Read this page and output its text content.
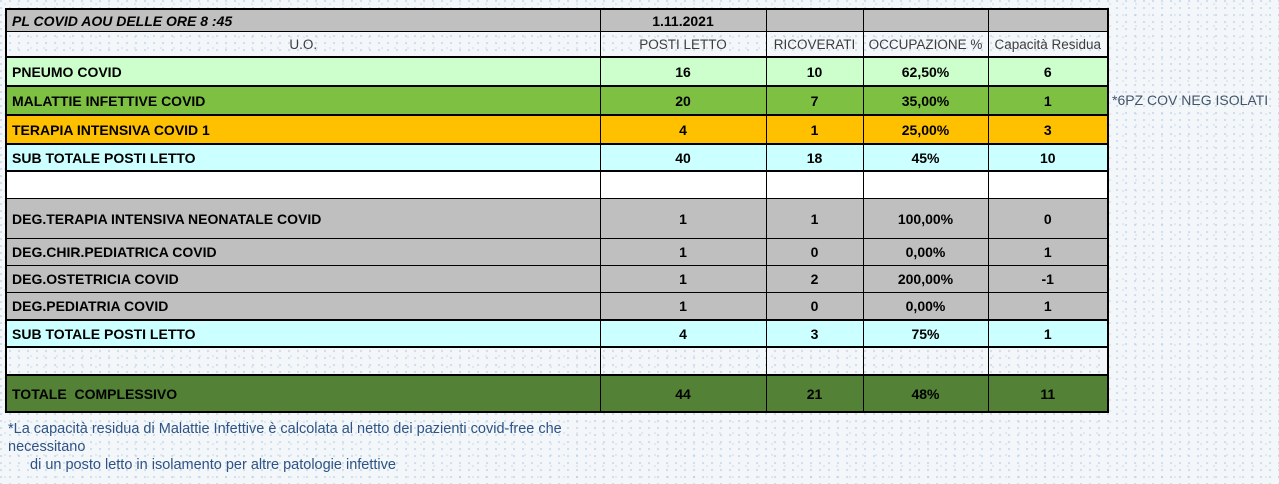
PL COVID AOU DELLE ORE 8 :45	1.11.2021			
U.O.	POSTI LETTO	RICOVERATI	OCCUPAZIONE %	Capacità Residua
PNEUMO COVID	16	10	62,50%	6
MALATTIE INFETTIVE COVID	20	7	35,00%	1
TERAPIA INTENSIVA COVID 1	4	1	25,00%	3
SUB TOTALE POSTI LETTO	40	18	45%	10

DEG.TERAPIA INTENSIVA NEONATALE COVID	1	1	100,00%	0
DEG.CHIR.PEDIATRICA COVID	1	0	0,00%	1
DEG.OSTETRICIA COVID	1	2	200,00%	-1
DEG.PEDIATRIA COVID	1	0	0,00%	1
SUB TOTALE POSTI LETTO	4	3	75%	1

TOTALE  COMPLESSIVO	44	21	48%	11
*6PZ COV NEG ISOLATI
*La capacità residua di Malattie Infettive è calcolata al netto dei pazienti covid-free che
necessitano
di un posto letto in isolamento per altre patologie infettive
